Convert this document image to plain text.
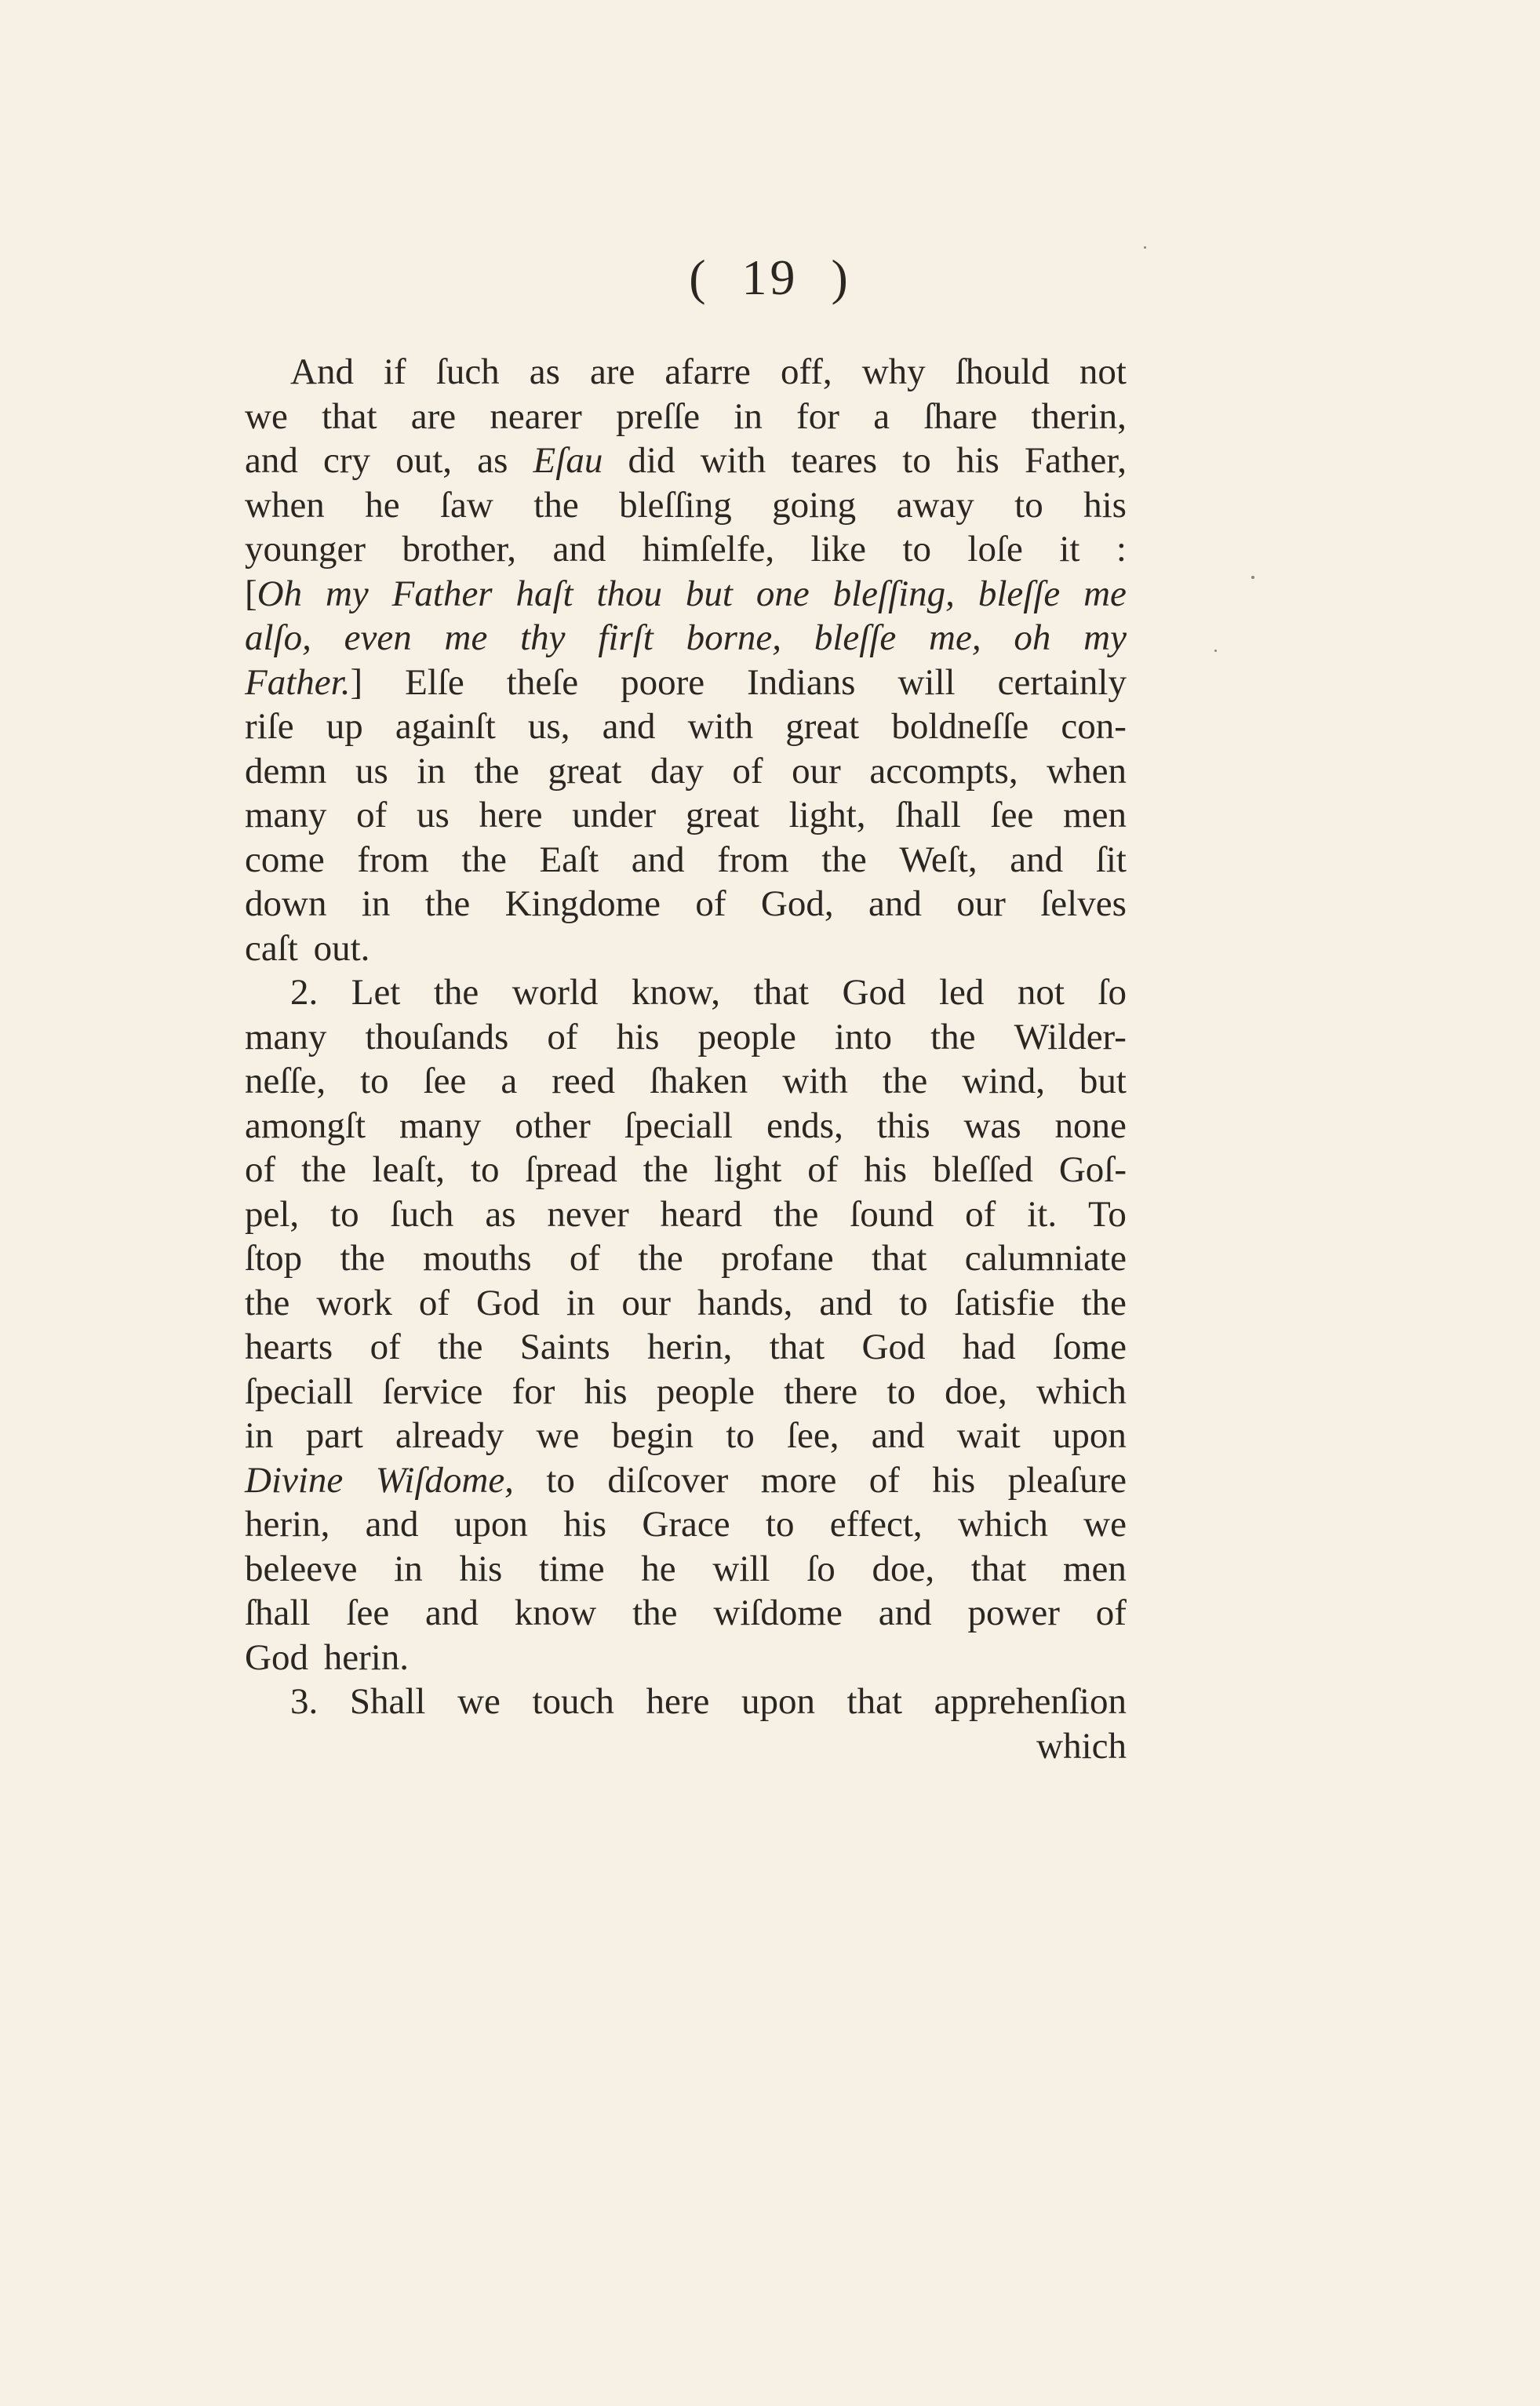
( 19 )
And if ſuch as are afarre off, why ſhould not
we that are nearer preſſe in for a ſhare therin,
and cry out, as Eſau did with teares to his Father,
when he ſaw the bleſſing going away to his
younger brother, and himſelfe, like to loſe it :
[Oh my Father haſt thou but one bleſſing, bleſſe me
alſo, even me thy firſt borne, bleſſe me, oh my
Father.] Elſe theſe poore Indians will certainly
riſe up againſt us, and with great boldneſſe con-
demn us in the great day of our accompts, when
many of us here under great light, ſhall ſee men
come from the Eaſt and from the Weſt, and ſit
down in the Kingdome of God, and our ſelves
caſt out.
2. Let the world know, that God led not ſo
many thouſands of his people into the Wilder-
neſſe, to ſee a reed ſhaken with the wind, but
amongſt many other ſpeciall ends, this was none
of the leaſt, to ſpread the light of his bleſſed Goſ-
pel, to ſuch as never heard the ſound of it. To
ſtop the mouths of the profane that calumniate
the work of God in our hands, and to ſatisfie the
hearts of the Saints herin, that God had ſome
ſpeciall ſervice for his people there to doe, which
in part already we begin to ſee, and wait upon
Divine Wiſdome, to diſcover more of his pleaſure
herin, and upon his Grace to effect, which we
beleeve in his time he will ſo doe, that men
ſhall ſee and know the wiſdome and power of
God herin.
3. Shall we touch here upon that apprehenſion
which
